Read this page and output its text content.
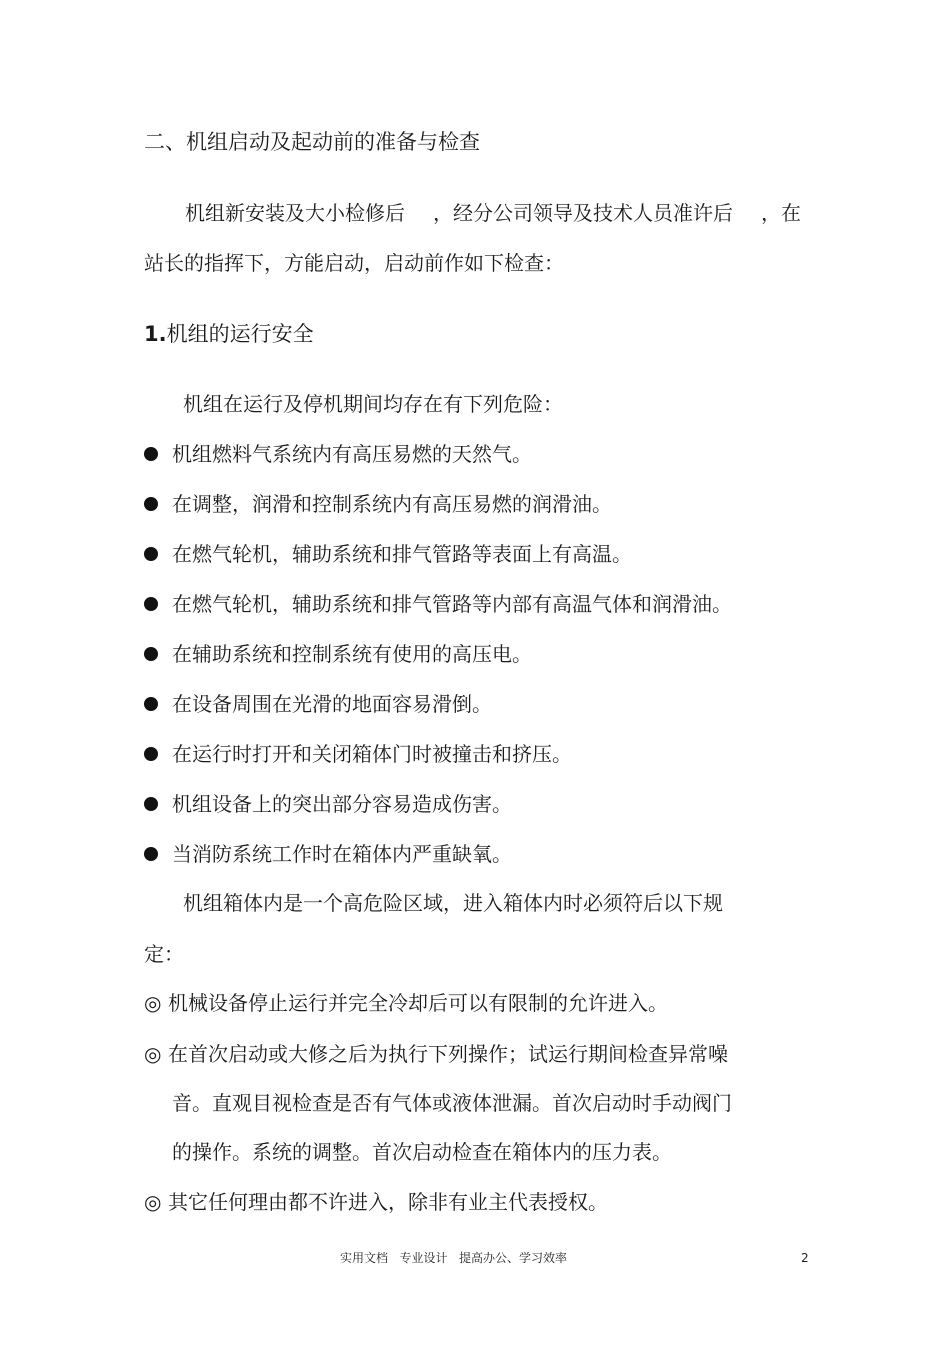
二、机组启动及起动前的准备与检查
机组新安装及大小检修后 ，经分公司领导及技术人员准许后 ，在
站长的指挥下，方能启动，启动前作如下检查：
1.机组的运行安全
机组在运行及停机期间均存在有下列危险：
机组燃料气系统内有高压易燃的天然气。
在调整，润滑和控制系统内有高压易燃的润滑油。
在燃气轮机，辅助系统和排气管路等表面上有高温。
在燃气轮机，辅助系统和排气管路等内部有高温气体和润滑油。
在辅助系统和控制系统有使用的高压电。
在设备周围在光滑的地面容易滑倒。
在运行时打开和关闭箱体门时被撞击和挤压。
机组设备上的突出部分容易造成伤害。
当消防系统工作时在箱体内严重缺氧。
机组箱体内是一个高危险区域，进入箱体内时必须符后以下规
定：
◎ 机械设备停止运行并完全冷却后可以有限制的允许进入。
◎ 在首次启动或大修之后为执行下列操作；试运行期间检查异常噪
音。直观目视检查是否有气体或液体泄漏。首次启动时手动阀门
的操作。系统的调整。首次启动检查在箱体内的压力表。
◎ 其它任何理由都不许进入，除非有业主代表授权。
实用文档 专业设计 提高办公、学习效率	2
